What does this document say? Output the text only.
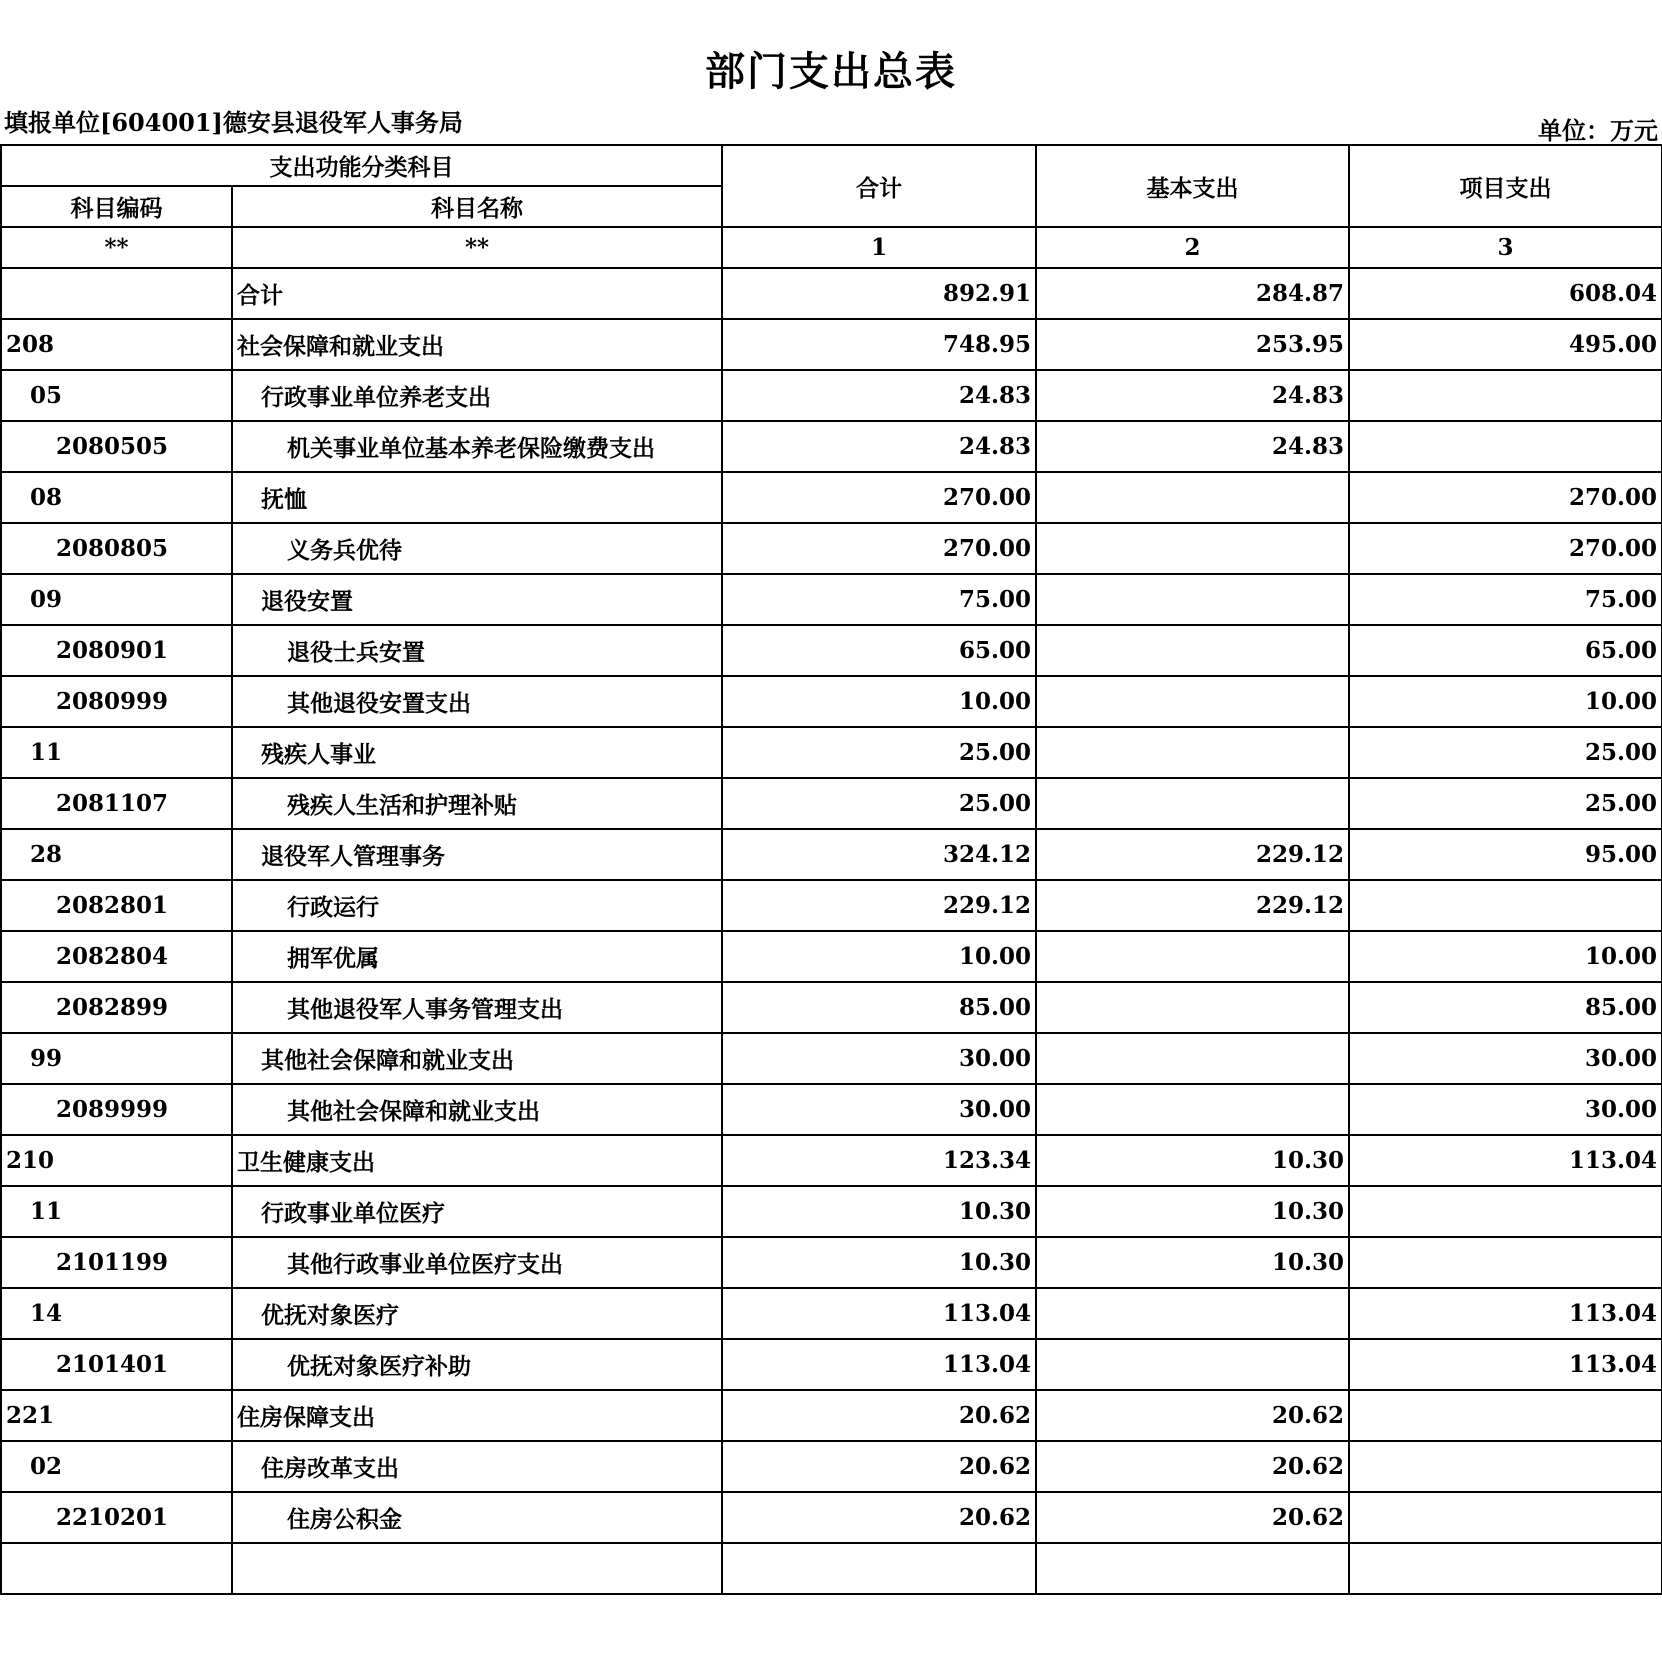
部门支出总表
填报单位[604001]德安县退役军人事务局	单位：万元
支出功能分类科目		合计	基本支出	项目支出
科目编码	科目名称			
**	**	1	2	3
	合计	892.91	284.87	608.04
208	社会保障和就业支出	748.95	253.95	495.00
05	行政事业单位养老支出	24.83	24.83	
2080505	机关事业单位基本养老保险缴费支出	24.83	24.83	
08	抚恤	270.00		270.00
2080805	义务兵优待	270.00		270.00
09	退役安置	75.00		75.00
2080901	退役士兵安置	65.00		65.00
2080999	其他退役安置支出	10.00		10.00
11	残疾人事业	25.00		25.00
2081107	残疾人生活和护理补贴	25.00		25.00
28	退役军人管理事务	324.12	229.12	95.00
2082801	行政运行	229.12	229.12	
2082804	拥军优属	10.00		10.00
2082899	其他退役军人事务管理支出	85.00		85.00
99	其他社会保障和就业支出	30.00		30.00
2089999	其他社会保障和就业支出	30.00		30.00
210	卫生健康支出	123.34	10.30	113.04
11	行政事业单位医疗	10.30	10.30	
2101199	其他行政事业单位医疗支出	10.30	10.30	
14	优抚对象医疗	113.04		113.04
2101401	优抚对象医疗补助	113.04		113.04
221	住房保障支出	20.62	20.62	
02	住房改革支出	20.62	20.62	
2210201	住房公积金	20.62	20.62	
